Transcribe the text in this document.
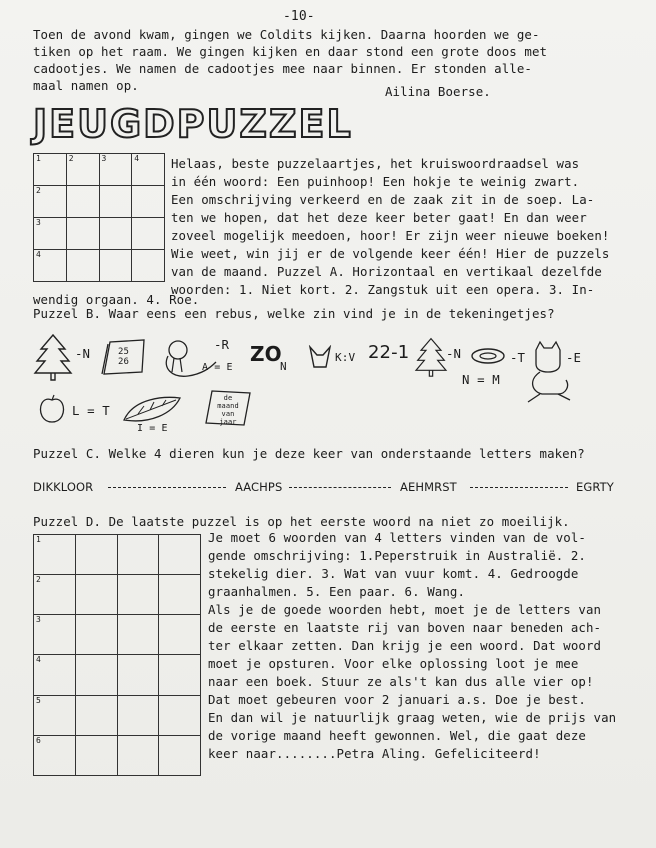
-10-
Toen de avond kwam, gingen we Coldits kijken. Daarna hoorden we ge-
tiken op het raam. We gingen kijken en daar stond een grote doos met
cadootjes. We namen de cadootjes mee naar binnen. Er stonden alle-
maal namen op.	Ailina Boerse.
JEUGDPUZZEL
1	2	3	4

2			

3			

4			

Helaas, beste puzzelaartjes, het kruiswoordraadsel was
in één woord: Een puinhoop! Een hokje te weinig zwart.
Een omschrijving verkeerd en de zaak zit in de soep. La-
ten we hopen, dat het deze keer beter gaat! En dan weer
zoveel mogelijk meedoen, hoor! Er zijn weer nieuwe boeken!
Wie weet, win jij er de volgende keer één! Hier de puzzels
van de maand. Puzzel A. Horizontaal en vertikaal dezelfde
woorden: 1. Niet kort. 2. Zangstuk uit een opera. 3. In-
wendig orgaan. 4. Roe.
Puzzel B. Waar eens een rebus, welke zin vind je in de tekeningetjes?
-N	25 26
-R
A = E
ZO
N
K:V 22-1	-N
N = M
-T	-E
L = T
I = E
de maand van jaar
Puzzel C. Welke 4 dieren kun je deze keer van onderstaande letters maken?
DIKKLOOR	AACHPS	AEHMRST	EGRTY
Puzzel D. De laatste puzzel is op het eerste woord na niet zo moeilijk.
1			

2			

3			

4			

5			

6			

Je moet 6 woorden van 4 letters vinden van de vol-
gende omschrijving: 1.Peperstruik in Australië. 2.
stekelig dier. 3. Wat van vuur komt. 4. Gedroogde
graanhalmen. 5. Een paar. 6. Wang.
Als je de goede woorden hebt, moet je de letters van
de eerste en laatste rij van boven naar beneden ach-
ter elkaar zetten. Dan krijg je een woord. Dat woord
moet je opsturen. Voor elke oplossing loot je mee
naar een boek. Stuur ze als't kan dus alle vier op!
Dat moet gebeuren voor 2 januari a.s. Doe je best.
En dan wil je natuurlijk graag weten, wie de prijs van
de vorige maand heeft gewonnen. Wel, die gaat deze
keer naar........Petra Aling. Gefeliciteerd!
